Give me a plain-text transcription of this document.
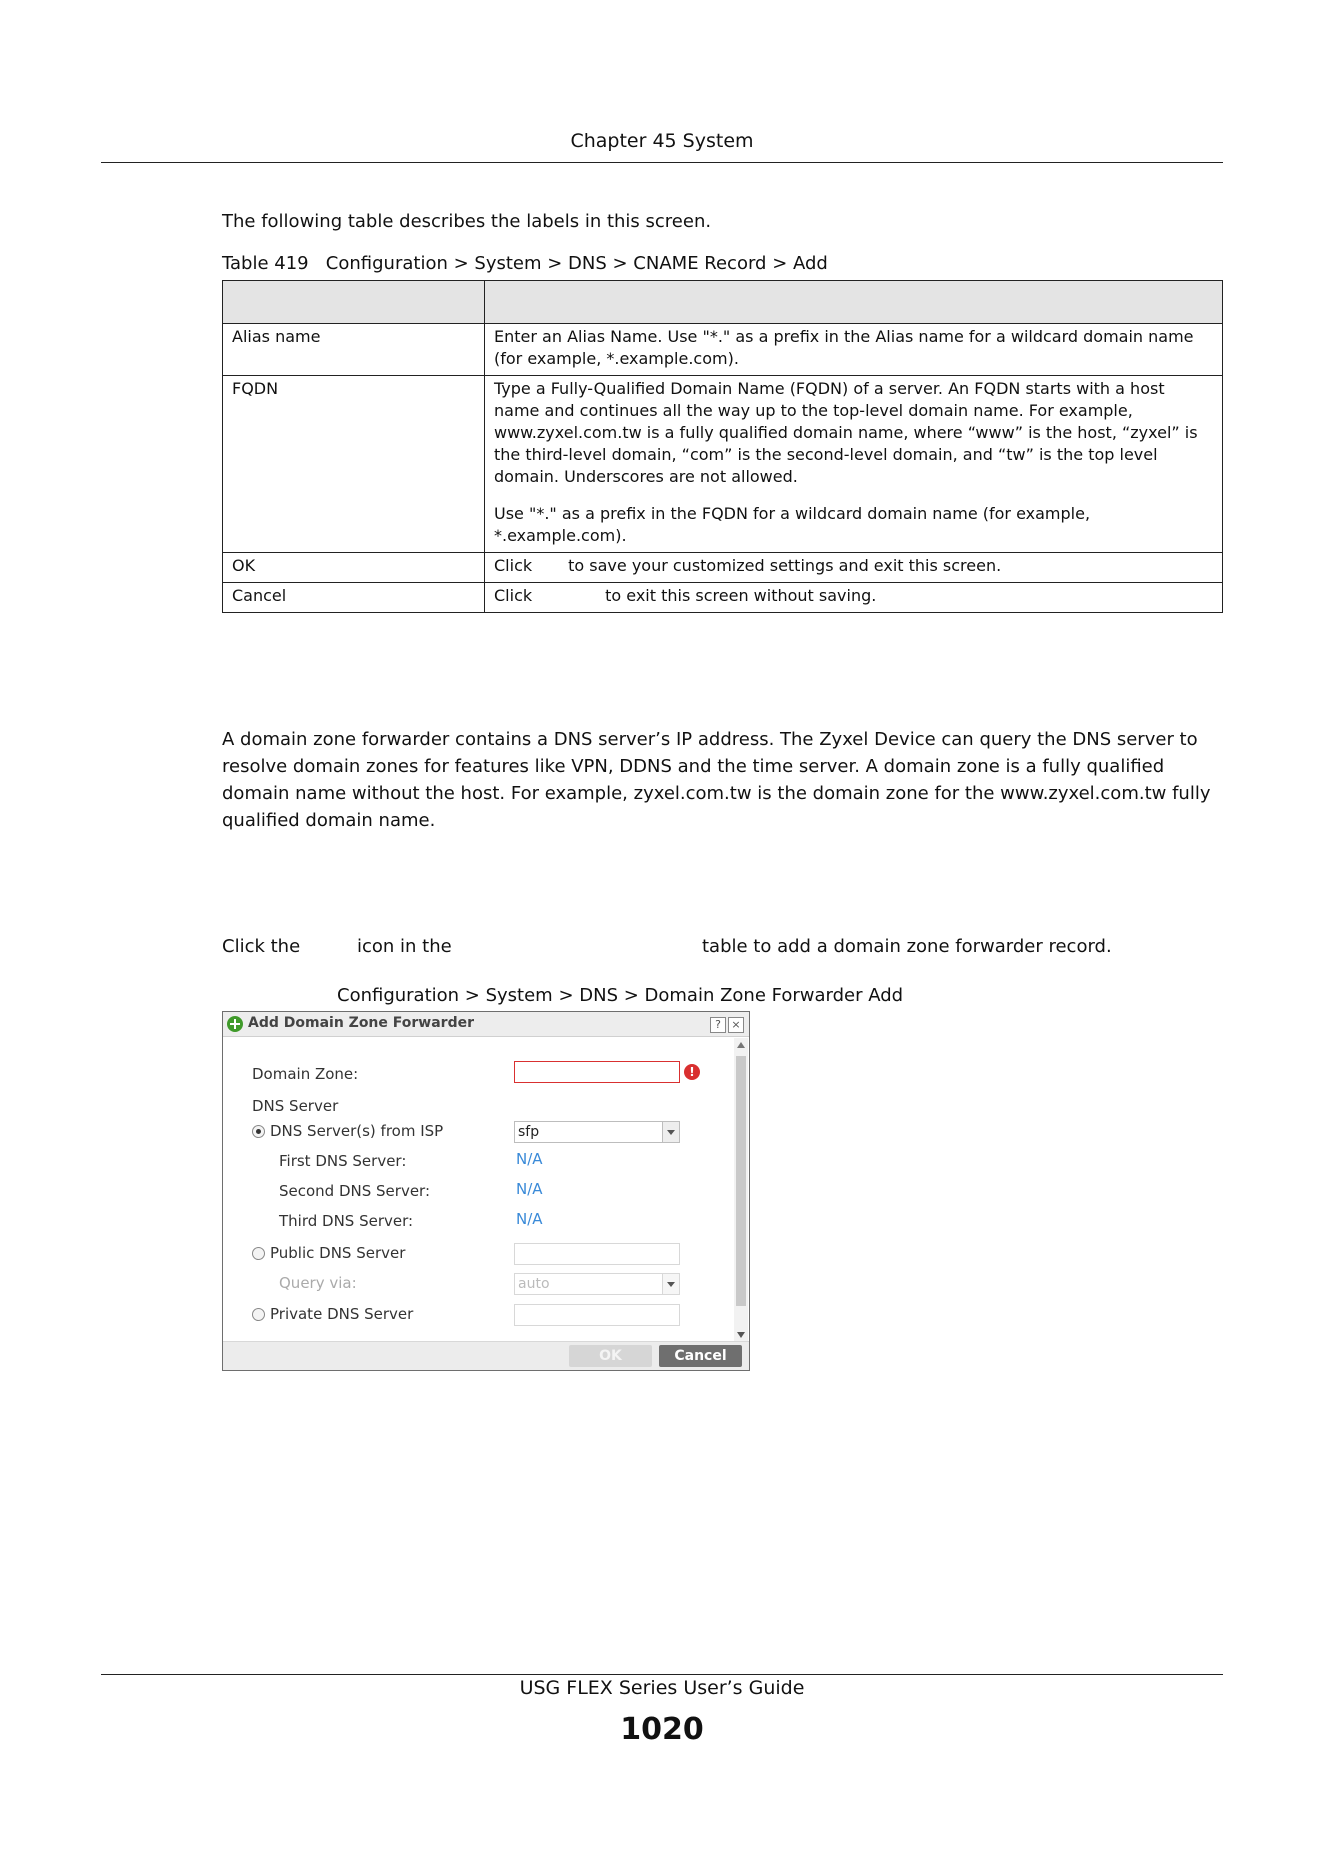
Chapter 45 System
The following table describes the labels in this screen.
Table 419   Configuration > System > DNS > CNAME Record > Add

Alias name	Enter an Alias Name. Use "*." as a prefix in the Alias name for a wildcard domain name (for example, *.example.com).

FQDN	Type a Fully-Qualified Domain Name (FQDN) of a server. An FQDN starts with a host name and continues all the way up to the top-level domain name. For example, www.zyxel.com.tw is a fully qualified domain name, where “www” is the host, “zyxel” is the third-level domain, “com” is the second-level domain, and “tw” is the top level domain. Underscores are not allowed.

Use "*." as a prefix in the FQDN for a wildcard domain name (for example, *.example.com).

OK	Click to save your customized settings and exit this screen.
Cancel	Click to exit this screen without saving.
A domain zone forwarder contains a DNS server’s IP address. The Zyxel Device can query the DNS server to resolve domain zones for features like VPN, DDNS and the time server. A domain zone is a fully qualified domain name without the host. For example, zyxel.com.tw is the domain zone for the www.zyxel.com.tw fully qualified domain name.
Click the	icon in the	table to add a domain zone forwarder record.
Configuration > System > DNS > Domain Zone Forwarder Add
Add Domain Zone Forwarder	? ×
Domain Zone:	!
DNS Server
DNS Server(s) from ISP	sfp
First DNS Server:	N/A
Second DNS Server:	N/A
Third DNS Server:	N/A
Public DNS Server
Query via:	auto
Private DNS Server
OK	Cancel
USG FLEX Series User’s Guide
1020
